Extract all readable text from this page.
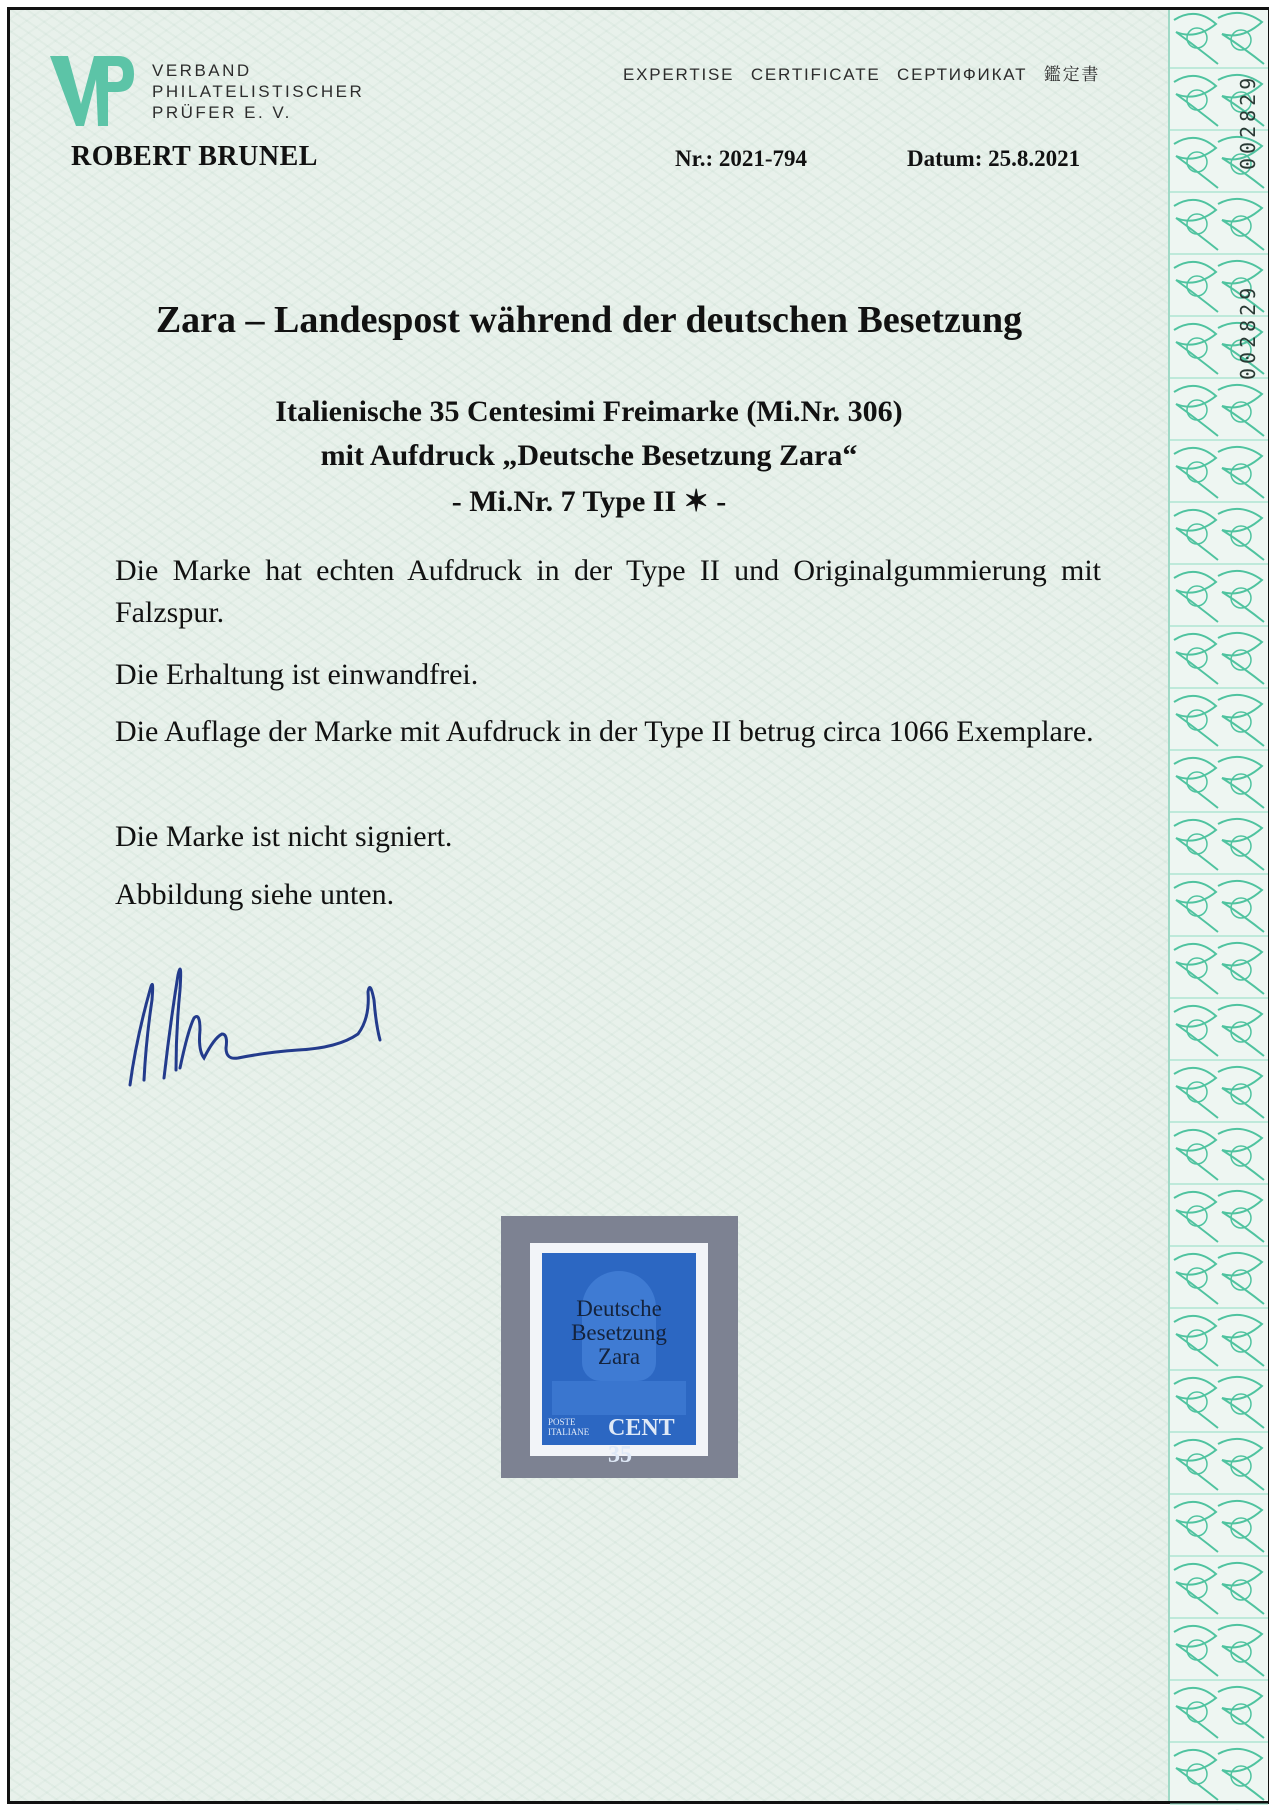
VERBAND
PHILATELISTISCHER
PRÜFER E. V.
EXPERTISE CERTIFICATE СЕРТИФИКАТ 鑑定書
ROBERT BRUNEL	Nr.: 2021-794	Datum: 25.8.2021
Zara – Landespost während der deutschen Besetzung
Italienische 35 Centesimi Freimarke (Mi.Nr. 306)
mit Aufdruck „Deutsche Besetzung Zara“
- Mi.Nr. 7 Type II ✶ -
Die Marke hat echten Aufdruck in der Type II und Originalgummierung mit Falzspur.
Die Erhaltung ist einwandfrei.
Die Auflage der Marke mit Aufdruck in der Type II betrug circa 1066 Exemplare.
Die Marke ist nicht signiert.
Abbildung siehe unten.
Deutsche
Besetzung
Zara
POSTE
ITALIANE CENT 35
002829
002829
